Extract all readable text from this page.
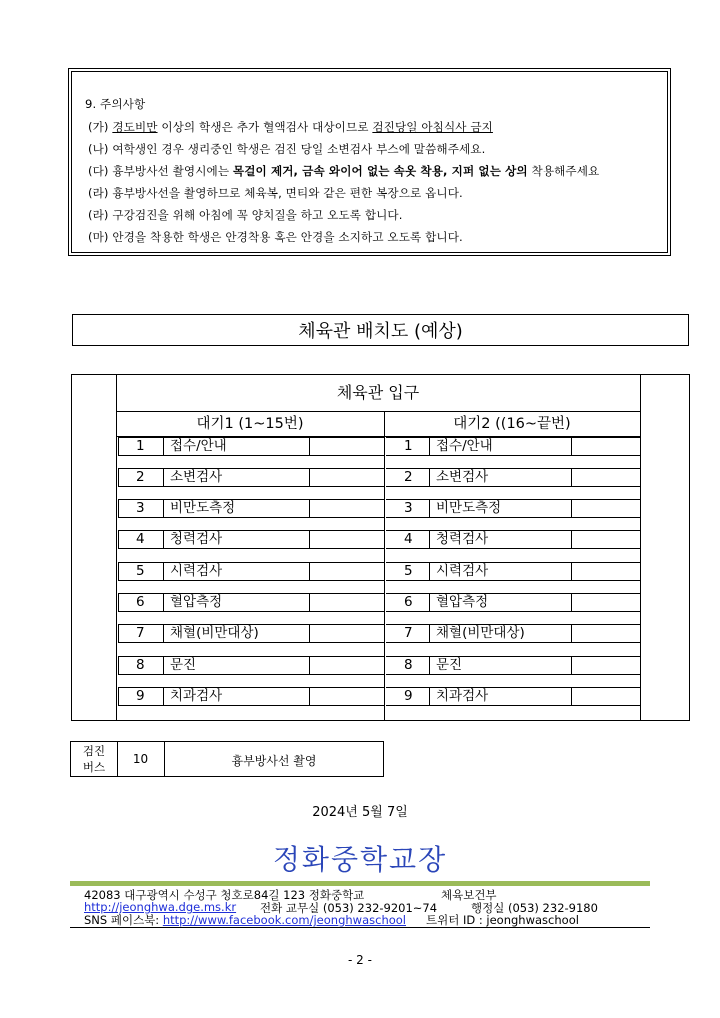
9. 주의사항
(가) 경도비만 이상의 학생은 추가 혈액검사 대상이므로 검진당일 아침식사 금지
(나) 여학생인 경우 생리중인 학생은 검진 당일 소변검사 부스에 말씀해주세요.
(다) 흉부방사선 촬영시에는 목걸이 제거, 금속 와이어 없는 속옷 착용, 지퍼 없는 상의 착용해주세요
(라) 흉부방사선을 촬영하므로 체육복, 면티와 같은 편한 복장으로 옵니다.
(라) 구강검진을 위해 아침에 꼭 양치질을 하고 오도록 합니다.
(마) 안경을 착용한 학생은 안경착용 혹은 안경을 소지하고 오도록 합니다.
체육관 배치도 (예상)
체육관 입구
대기1 (1~15번)	대기2 ((16~끝번)
1 접수/안내	1 접수/안내
2 소변검사	2 소변검사
3 비만도측정	3 비만도측정
4 청력검사	4 청력검사
5 시력검사	5 시력검사
6 혈압측정	6 혈압측정
7 채혈(비만대상)	7 채혈(비만대상)
8 문진	8 문진
9 치과검사	9 치과검사
검진
버스
10	흉부방사선 촬영
2024년 5월 7일
정화중학교장
42083 대구광역시 수성구 청호로84길 123 정화중학교	체육보건부
http://jeonghwa.dge.ms.kr 전화 교무실 (053) 232-9201~74	행정실 (053) 232-9180
SNS 페이스북: http://www.facebook.com/jeonghwaschool 트위터 ID : jeonghwaschool
- 2 -
